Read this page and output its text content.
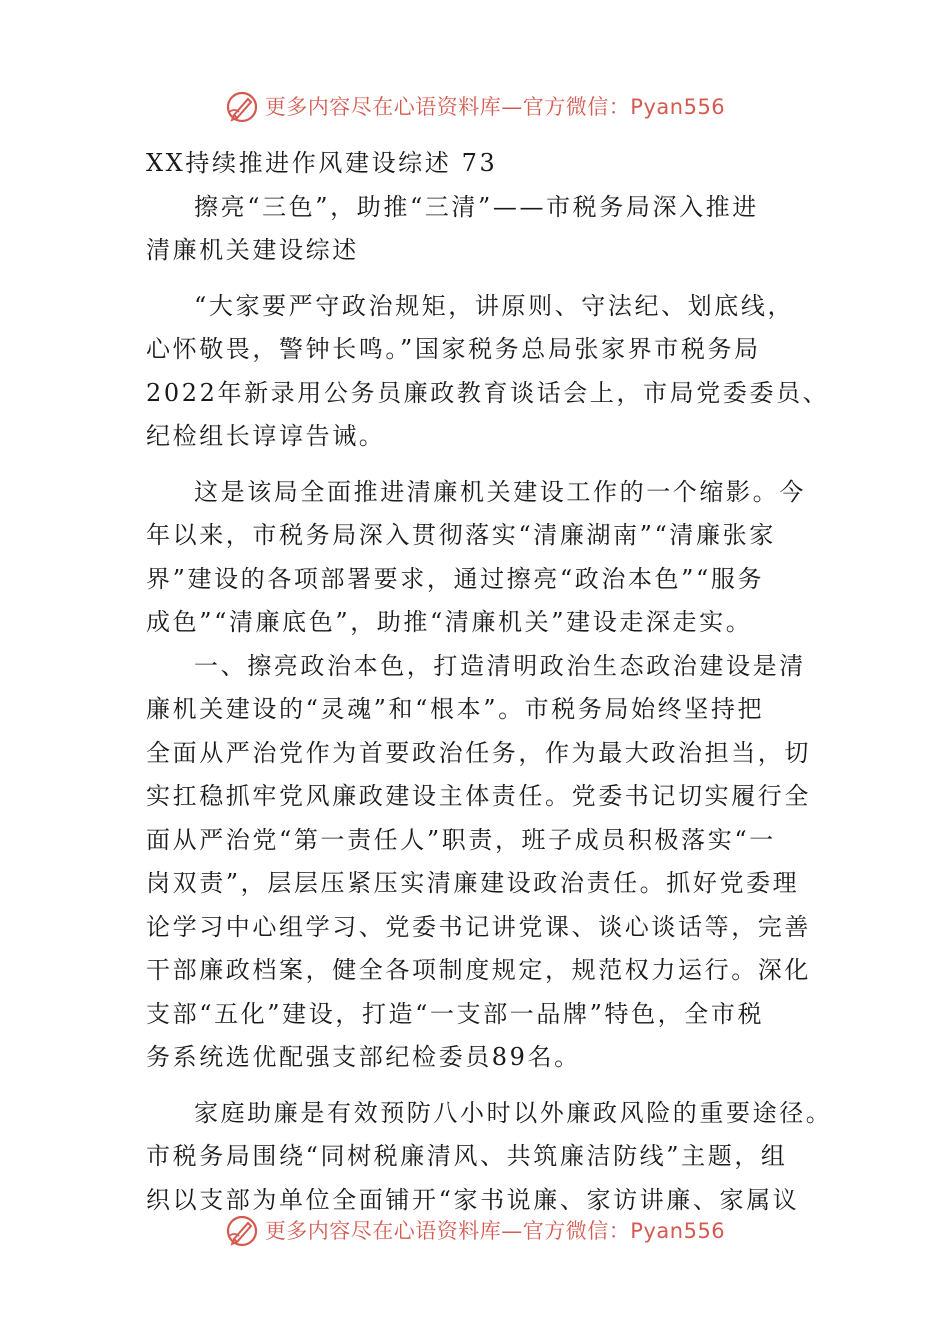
更多内容尽在心语资料库—官方微信：Pyan556

XX持续推进作风建设综述 73

擦亮“三色”，助推“三清”——市税务局深入推进

清廉机关建设综述

“大家要严守政治规矩，讲原则、守法纪、划底线，

心怀敬畏，警钟长鸣。”国家税务总局张家界市税务局

2022年新录用公务员廉政教育谈话会上，市局党委委员、

纪检组长谆谆告诫。

这是该局全面推进清廉机关建设工作的一个缩影。今

年以来，市税务局深入贯彻落实“清廉湖南”“清廉张家

界”建设的各项部署要求，通过擦亮“政治本色”“服务

成色”“清廉底色”，助推“清廉机关”建设走深走实。

一、擦亮政治本色，打造清明政治生态政治建设是清

廉机关建设的“灵魂”和“根本”。市税务局始终坚持把

全面从严治党作为首要政治任务，作为最大政治担当，切

实扛稳抓牢党风廉政建设主体责任。党委书记切实履行全

面从严治党“第一责任人”职责，班子成员积极落实“一

岗双责”，层层压紧压实清廉建设政治责任。抓好党委理

论学习中心组学习、党委书记讲党课、谈心谈话等，完善

干部廉政档案，健全各项制度规定，规范权力运行。深化

支部“五化”建设，打造“一支部一品牌”特色，全市税

务系统选优配强支部纪检委员89名。

家庭助廉是有效预防八小时以外廉政风险的重要途径。

市税务局围绕“同树税廉清风、共筑廉洁防线”主题，组

织以支部为单位全面铺开“家书说廉、家访讲廉、家属议

更多内容尽在心语资料库—官方微信：Pyan556
